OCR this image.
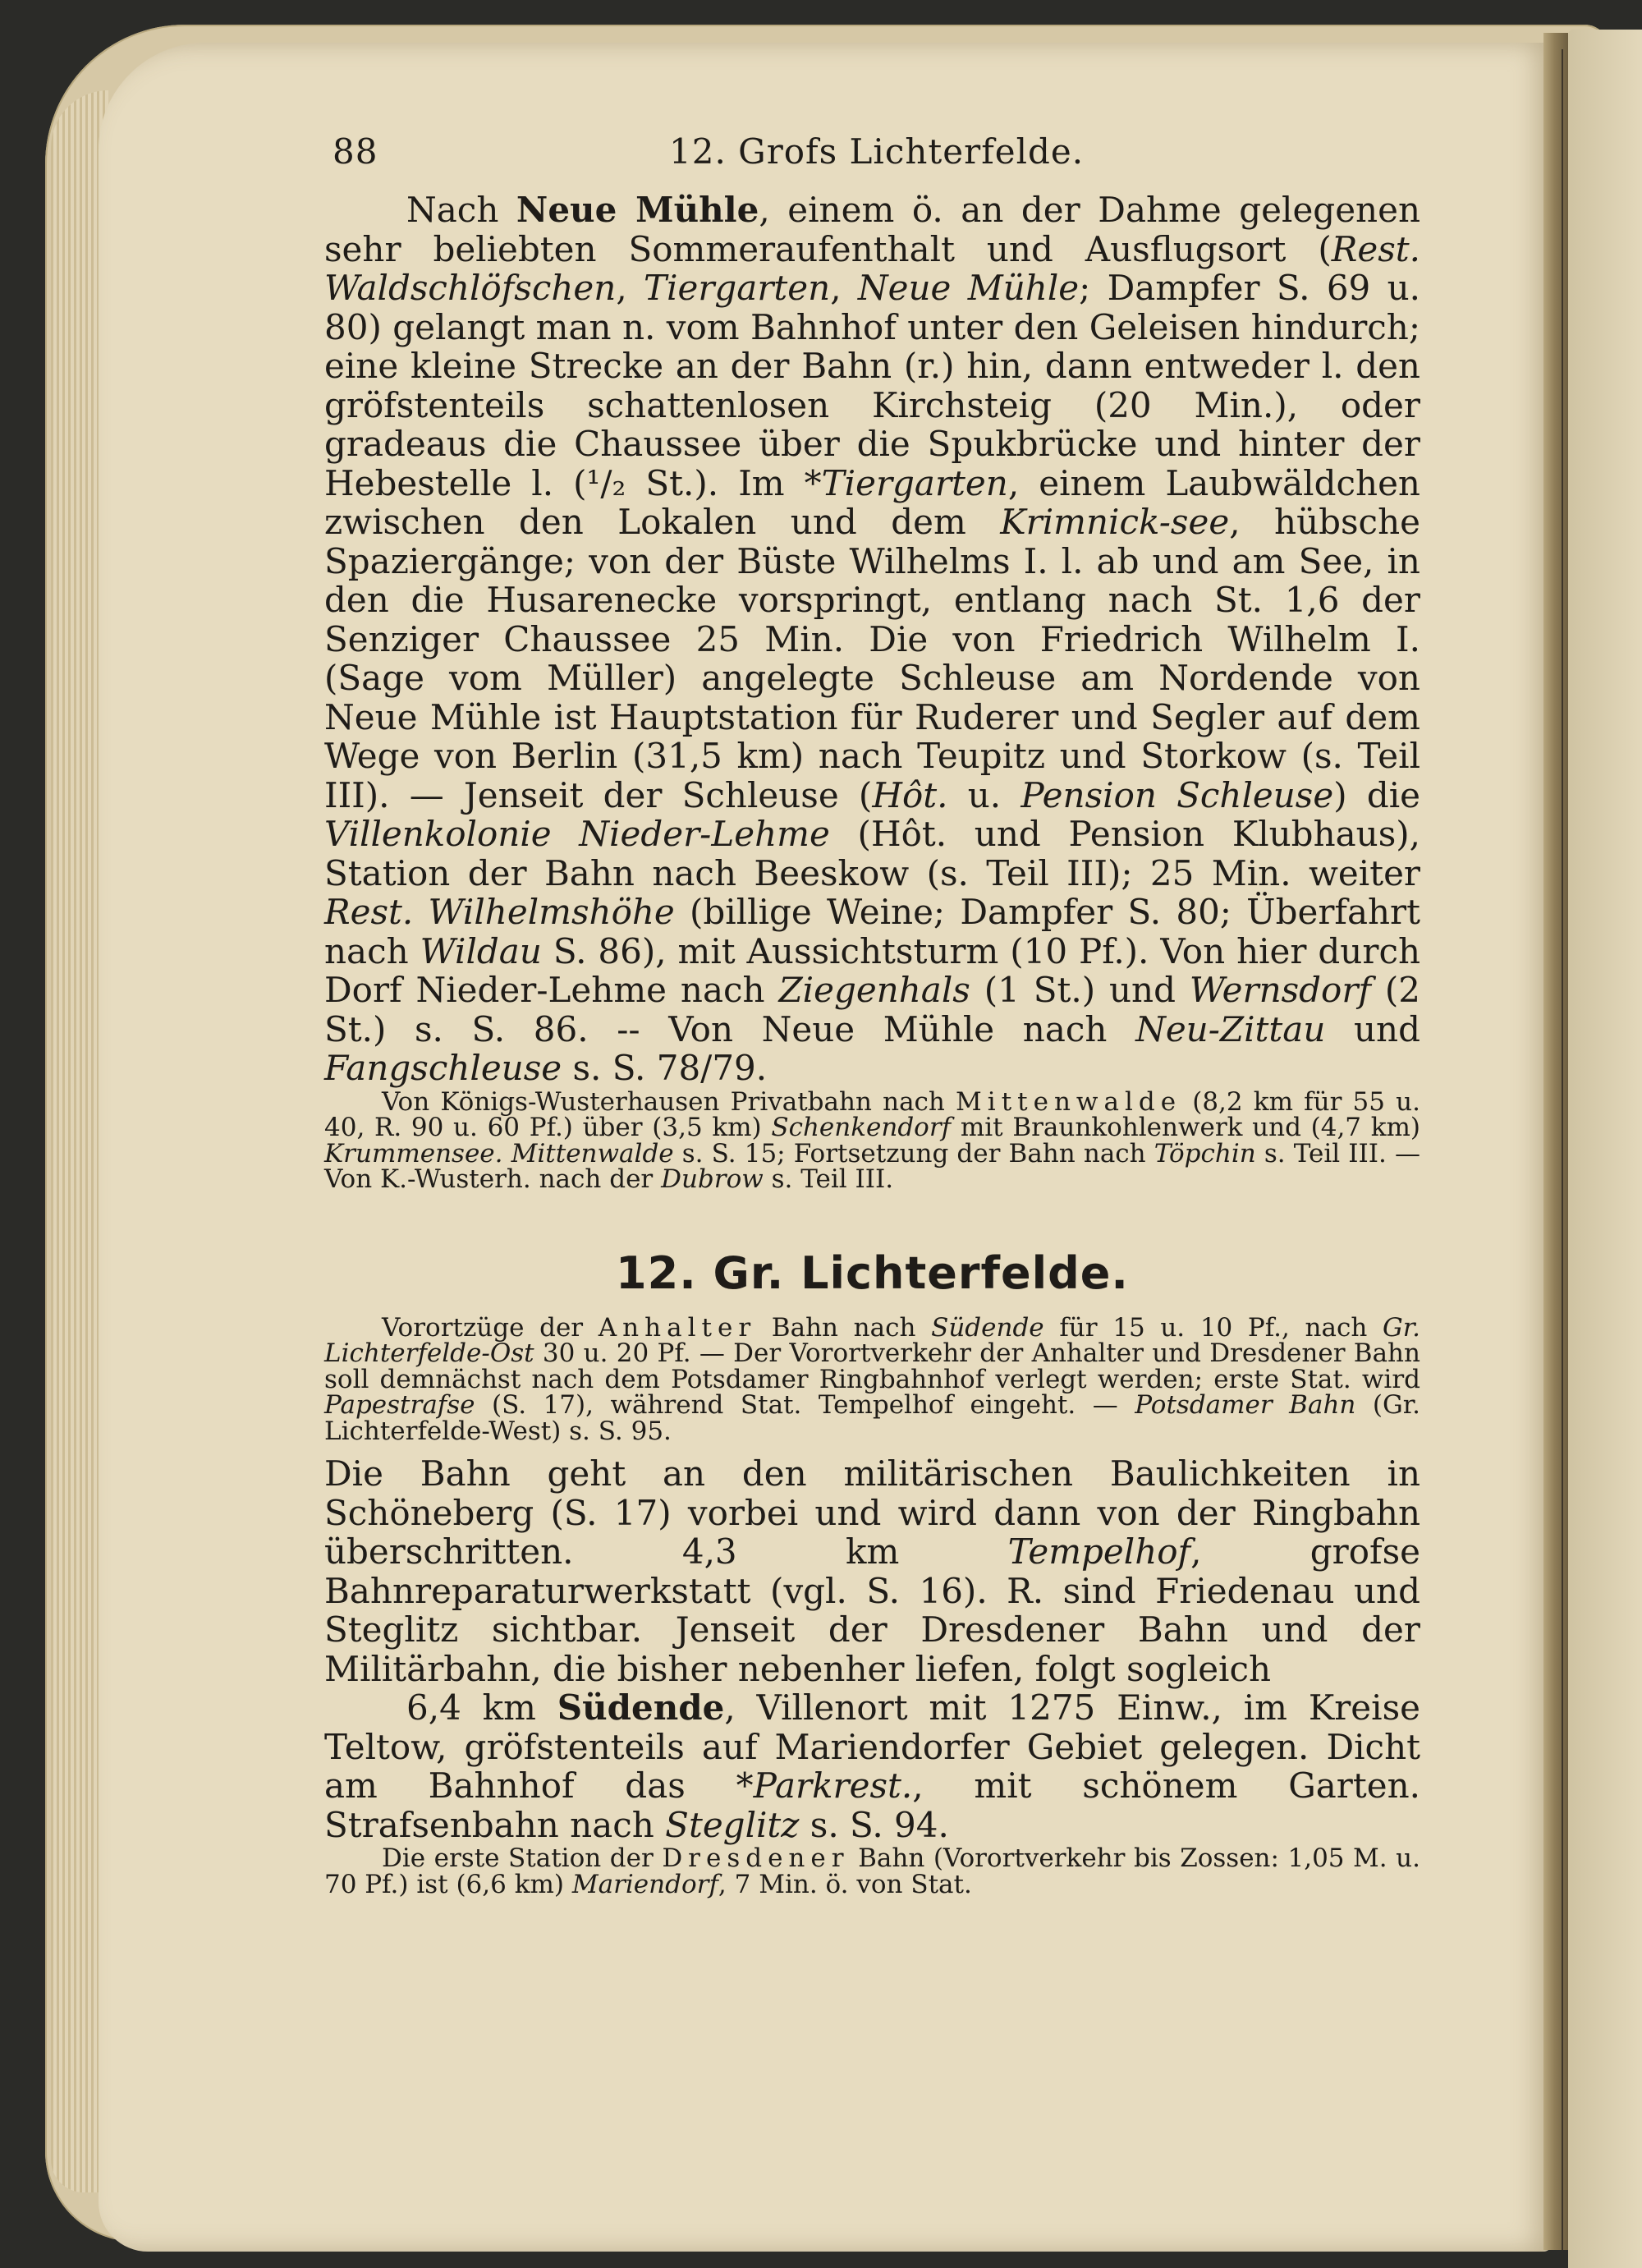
88	12. Grofs Lichterfelde.

Nach Neue Mühle, einem ö. an der Dahme gelegenen sehr beliebten Sommeraufenthalt und Ausflugsort (Rest. Waldschlöfschen, Tiergarten, Neue Mühle; Dampfer S. 69 u. 80) gelangt man n. vom Bahnhof unter den Geleisen hindurch; eine kleine Strecke an der Bahn (r.) hin, dann entweder l. den gröfstenteils schattenlosen Kirchsteig (20 Min.), oder gradeaus die Chaussee über die Spukbrücke und hinter der Hebestelle l. (¹/₂ St.). Im *Tiergarten, einem Laubwäldchen zwischen den Lokalen und dem Krimnick-see, hübsche Spaziergänge; von der Büste Wilhelms I. l. ab und am See, in den die Husarenecke vorspringt, entlang nach St. 1,6 der Senziger Chaussee 25 Min. Die von Friedrich Wilhelm I. (Sage vom Müller) angelegte Schleuse am Nordende von Neue Mühle ist Hauptstation für Ruderer und Segler auf dem Wege von Berlin (31,5 km) nach Teupitz und Storkow (s. Teil III). — Jenseit der Schleuse (Hôt. u. Pension Schleuse) die Villenkolonie Nieder-Lehme (Hôt. und Pension Klubhaus), Station der Bahn nach Beeskow (s. Teil III); 25 Min. weiter Rest. Wilhelmshöhe (billige Weine; Dampfer S. 80; Überfahrt nach Wildau S. 86), mit Aussichtsturm (10 Pf.). Von hier durch Dorf Nieder-Lehme nach Ziegenhals (1 St.) und Wernsdorf (2 St.) s. S. 86. -- Von Neue Mühle nach Neu-Zittau und Fangschleuse s. S. 78/79.

Von Königs-Wusterhausen Privatbahn nach Mittenwalde (8,2 km für 55 u. 40, R. 90 u. 60 Pf.) über (3,5 km) Schenkendorf mit Braunkohlenwerk und (4,7 km) Krummensee. Mittenwalde s. S. 15; Fortsetzung der Bahn nach Töpchin s. Teil III. — Von K.-Wusterh. nach der Dubrow s. Teil III.

12. Gr. Lichterfelde.

Vorortzüge der Anhalter Bahn nach Südende für 15 u. 10 Pf., nach Gr. Lichterfelde-Ost 30 u. 20 Pf. — Der Vorortverkehr der Anhalter und Dresdener Bahn soll demnächst nach dem Potsdamer Ringbahnhof verlegt werden; erste Stat. wird Papestrafse (S. 17), während Stat. Tempelhof eingeht. — Potsdamer Bahn (Gr. Lichterfelde-West) s. S. 95.

Die Bahn geht an den militärischen Baulichkeiten in Schöneberg (S. 17) vorbei und wird dann von der Ringbahn überschritten. 4,3 km Tempelhof, grofse Bahnreparaturwerkstatt (vgl. S. 16). R. sind Friedenau und Steglitz sichtbar. Jenseit der Dresdener Bahn und der Militärbahn, die bisher nebenher liefen, folgt sogleich

6,4 km Südende, Villenort mit 1275 Einw., im Kreise Teltow, gröfstenteils auf Mariendorfer Gebiet gelegen. Dicht am Bahnhof das *Parkrest., mit schönem Garten. Strafsenbahn nach Steglitz s. S. 94.

Die erste Station der Dresdener Bahn (Vorortverkehr bis Zossen: 1,05 M. u. 70 Pf.) ist (6,6 km) Mariendorf, 7 Min. ö. von Stat.
